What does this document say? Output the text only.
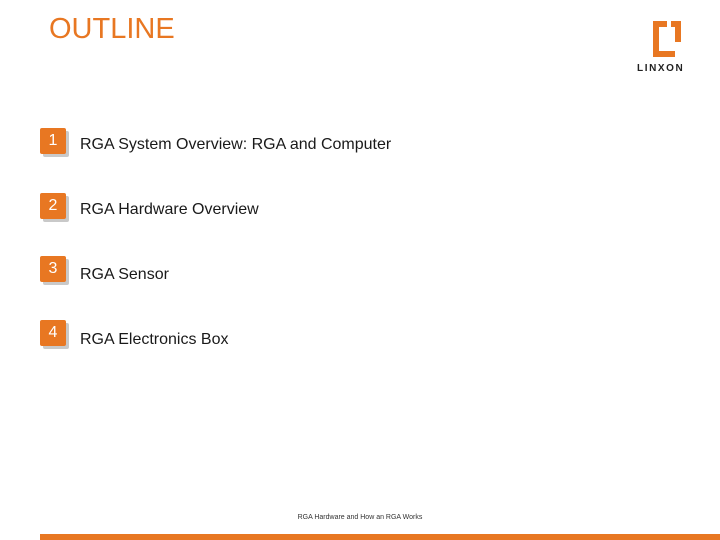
OUTLINE
LINXON
1	RGA System Overview: RGA and Computer
2	RGA Hardware Overview
3	RGA Sensor
4	RGA Electronics Box
RGA Hardware and How an RGA Works
